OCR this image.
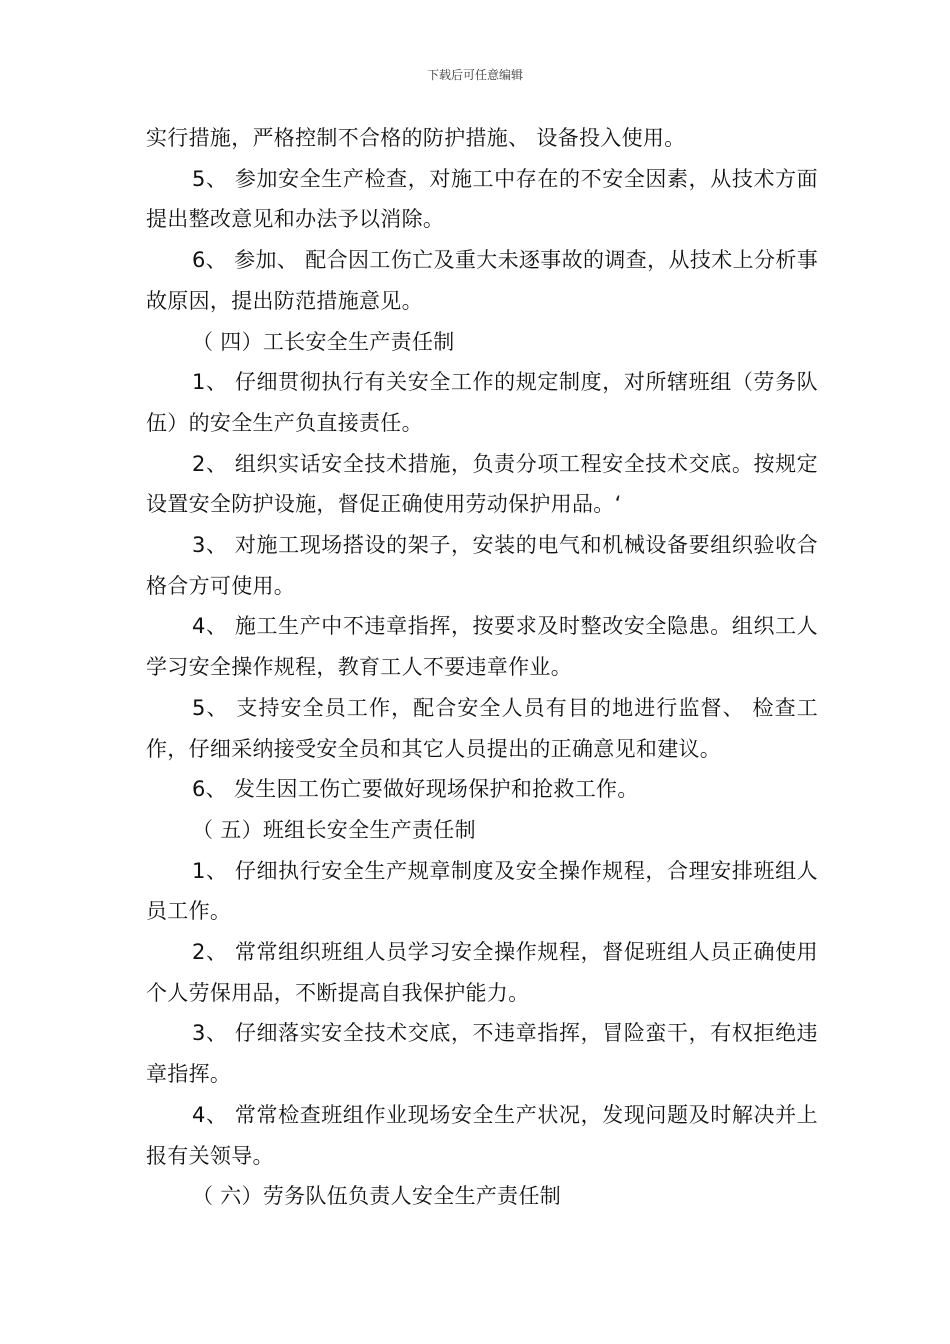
下载后可任意编辑

实行措施，严格控制不合格的防护措施、 设备投入使用。

5、 参加安全生产检查，对施工中存在的不安全因素，从技术方面提出整改意见和办法予以消除。

6、 参加、 配合因工伤亡及重大未逐事故的调查，从技术上分析事故原因，提出防范措施意见。

（ 四）工长安全生产责任制

1、 仔细贯彻执行有关安全工作的规定制度，对所辖班组（劳务队伍）的安全生产负直接责任。

2、 组织实话安全技术措施，负责分项工程安全技术交底。按规定设置安全防护设施，督促正确使用劳动保护用品。‘

3、 对施工现场搭设的架子，安装的电气和机械设备要组织验收合格合方可使用。

4、 施工生产中不违章指挥，按要求及时整改安全隐患。组织工人学习安全操作规程，教育工人不要违章作业。

5、 支持安全员工作，配合安全人员有目的地进行监督、 检查工作，仔细采纳接受安全员和其它人员提出的正确意见和建议。

6、 发生因工伤亡要做好现场保护和抢救工作。

（ 五）班组长安全生产责任制

1、 仔细执行安全生产规章制度及安全操作规程，合理安排班组人员工作。

2、 常常组织班组人员学习安全操作规程，督促班组人员正确使用个人劳保用品，不断提高自我保护能力。

3、 仔细落实安全技术交底，不违章指挥，冒险蛮干，有权拒绝违章指挥。

4、 常常检查班组作业现场安全生产状况，发现问题及时解决并上报有关领导。

（ 六）劳务队伍负责人安全生产责任制
